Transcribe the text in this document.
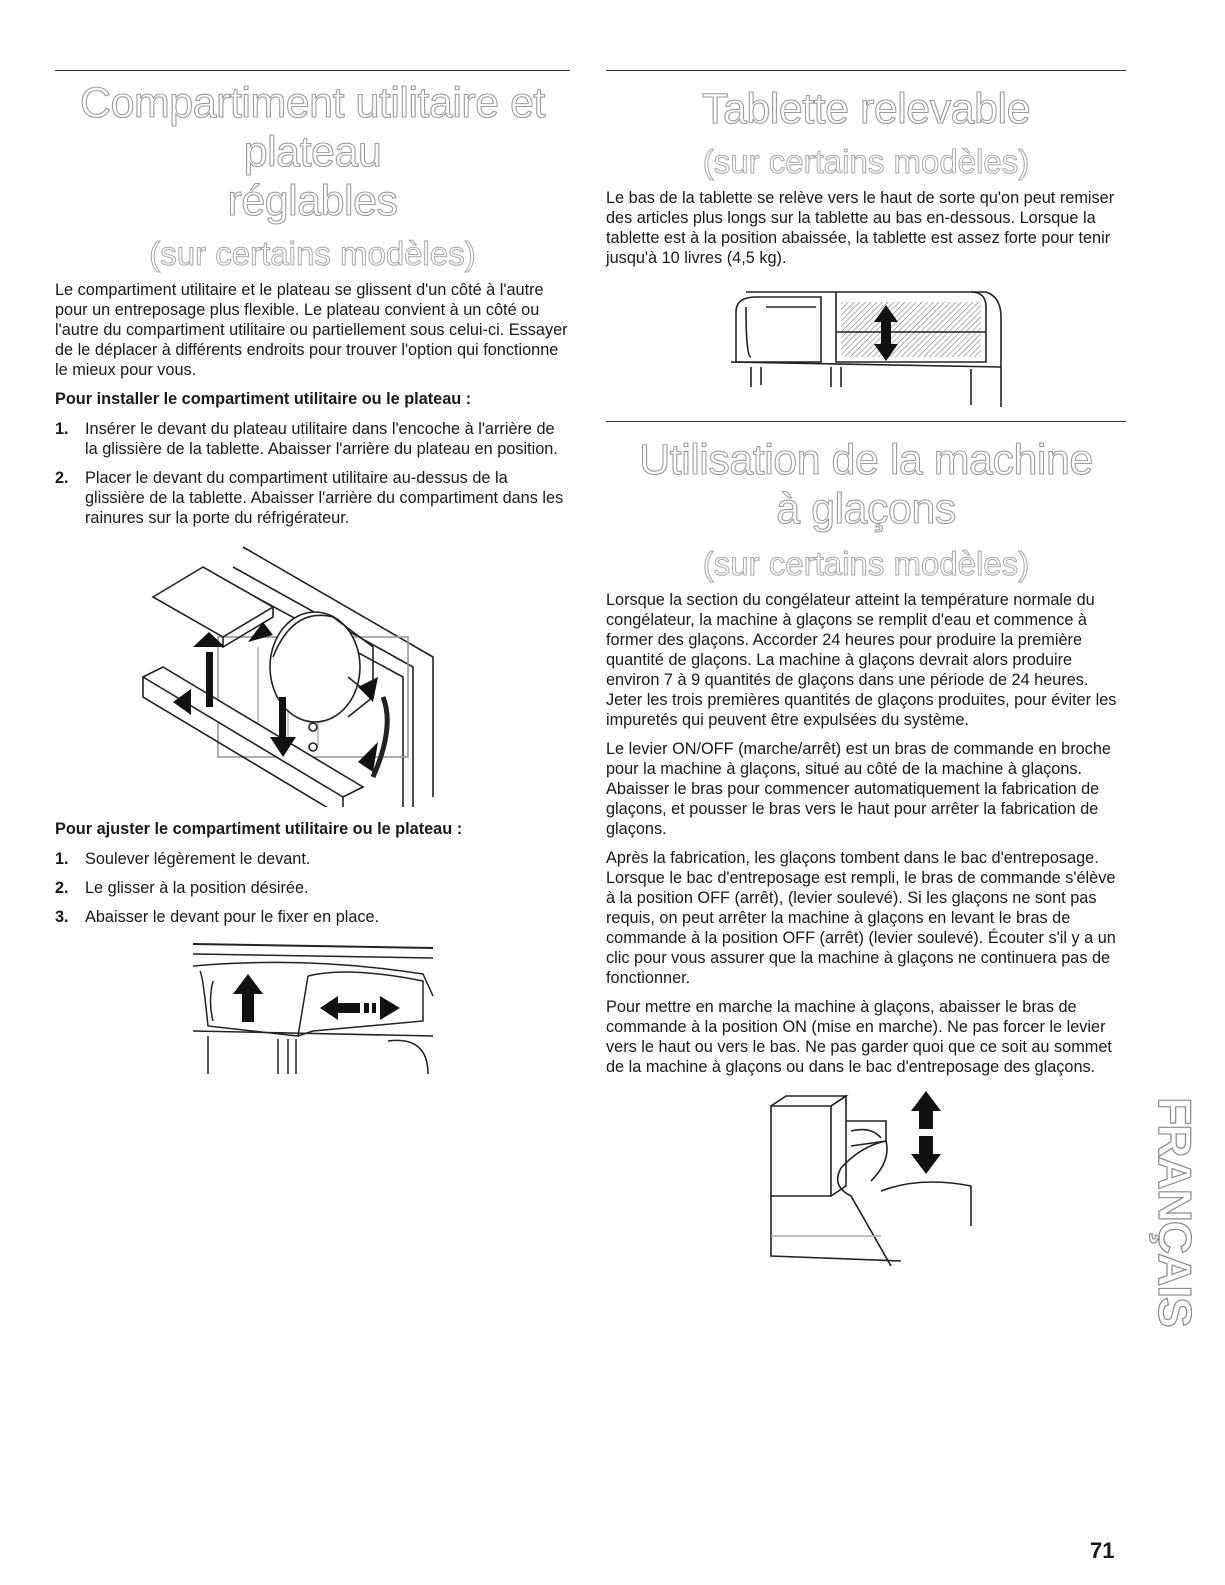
Compartiment utilitaire et plateau
réglables
(sur certains modèles)

Le compartiment utilitaire et le plateau se glissent d'un côté à l'autre pour un entreposage plus flexible. Le plateau convient à un côté ou l'autre du compartiment utilitaire ou partiellement sous celui-ci. Essayer de le déplacer à différents endroits pour trouver l'option qui fonctionne le mieux pour vous.

Pour installer le compartiment utilitaire ou le plateau :

1. Insérer le devant du plateau utilitaire dans l'encoche à l'arrière de la glissière de la tablette. Abaisser l'arrière du plateau en position.
2. Placer le devant du compartiment utilitaire au-dessus de la glissière de la tablette. Abaisser l'arrière du compartiment dans les rainures sur la porte du réfrigérateur.

Pour ajuster le compartiment utilitaire ou le plateau :

1. Soulever légèrement le devant.
2. Le glisser à la position désirée.
3. Abaisser le devant pour le fixer en place.
Tablette relevable
(sur certains modèles)

Le bas de la tablette se relève vers le haut de sorte qu'on peut remiser des articles plus longs sur la tablette au bas en-dessous. Lorsque la tablette est à la position abaissée, la tablette est assez forte pour tenir jusqu'à 10 livres (4,5 kg).

Utilisation de la machine
à glaçons
(sur certains modèles)

Lorsque la section du congélateur atteint la température normale du congélateur, la machine à glaçons se remplit d'eau et commence à former des glaçons. Accorder 24 heures pour produire la première quantité de glaçons. La machine à glaçons devrait alors produire environ 7 à 9 quantités de glaçons dans une période de 24 heures. Jeter les trois premières quantités de glaçons produites, pour éviter les impuretés qui peuvent être expulsées du système.

Le levier ON/OFF (marche/arrêt) est un bras de commande en broche pour la machine à glaçons, situé au côté de la machine à glaçons. Abaisser le bras pour commencer automatiquement la fabrication de glaçons, et pousser le bras vers le haut pour arrêter la fabrication de glaçons.

Après la fabrication, les glaçons tombent dans le bac d'entreposage. Lorsque le bac d'entreposage est rempli, le bras de commande s'élève à la position OFF (arrêt), (levier soulevé). Si les glaçons ne sont pas requis, on peut arrêter la machine à glaçons en levant le bras de commande à la position OFF (arrêt) (levier soulevé). Écouter s'il y a un clic pour vous assurer que la machine à glaçons ne continuera pas de fonctionner.

Pour mettre en marche la machine à glaçons, abaisser le bras de commande à la position ON (mise en marche). Ne pas forcer le levier vers le haut ou vers le bas. Ne pas garder quoi que ce soit au sommet de la machine à glaçons ou dans le bac d'entreposage des glaçons.

FRANÇAIS
71
